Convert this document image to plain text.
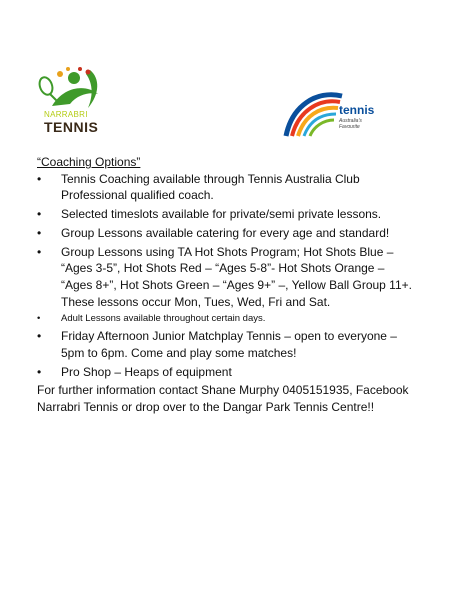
NARRABRI
TENNIS
tennis
Australia's Favourite

“Coaching Options”

• Tennis Coaching available through Tennis Australia Club Professional qualified coach.
• Selected timeslots available for private/semi private lessons.
• Group Lessons available catering for every age and standard!
• Group Lessons using TA Hot Shots Program; Hot Shots Blue – “Ages 3-5”, Hot Shots Red – “Ages 5-8”- Hot Shots Orange – “Ages 8+”, Hot Shots Green – “Ages 9+” –, Yellow Ball Group 11+. These lessons occur Mon, Tues, Wed, Fri and Sat.
• Adult Lessons available throughout certain days.
• Friday Afternoon Junior Matchplay Tennis – open to everyone – 5pm to 6pm. Come and play some matches!
• Pro Shop – Heaps of equipment

For further information contact Shane Murphy 0405151935, Facebook Narrabri Tennis or drop over to the Dangar Park Tennis Centre!!
